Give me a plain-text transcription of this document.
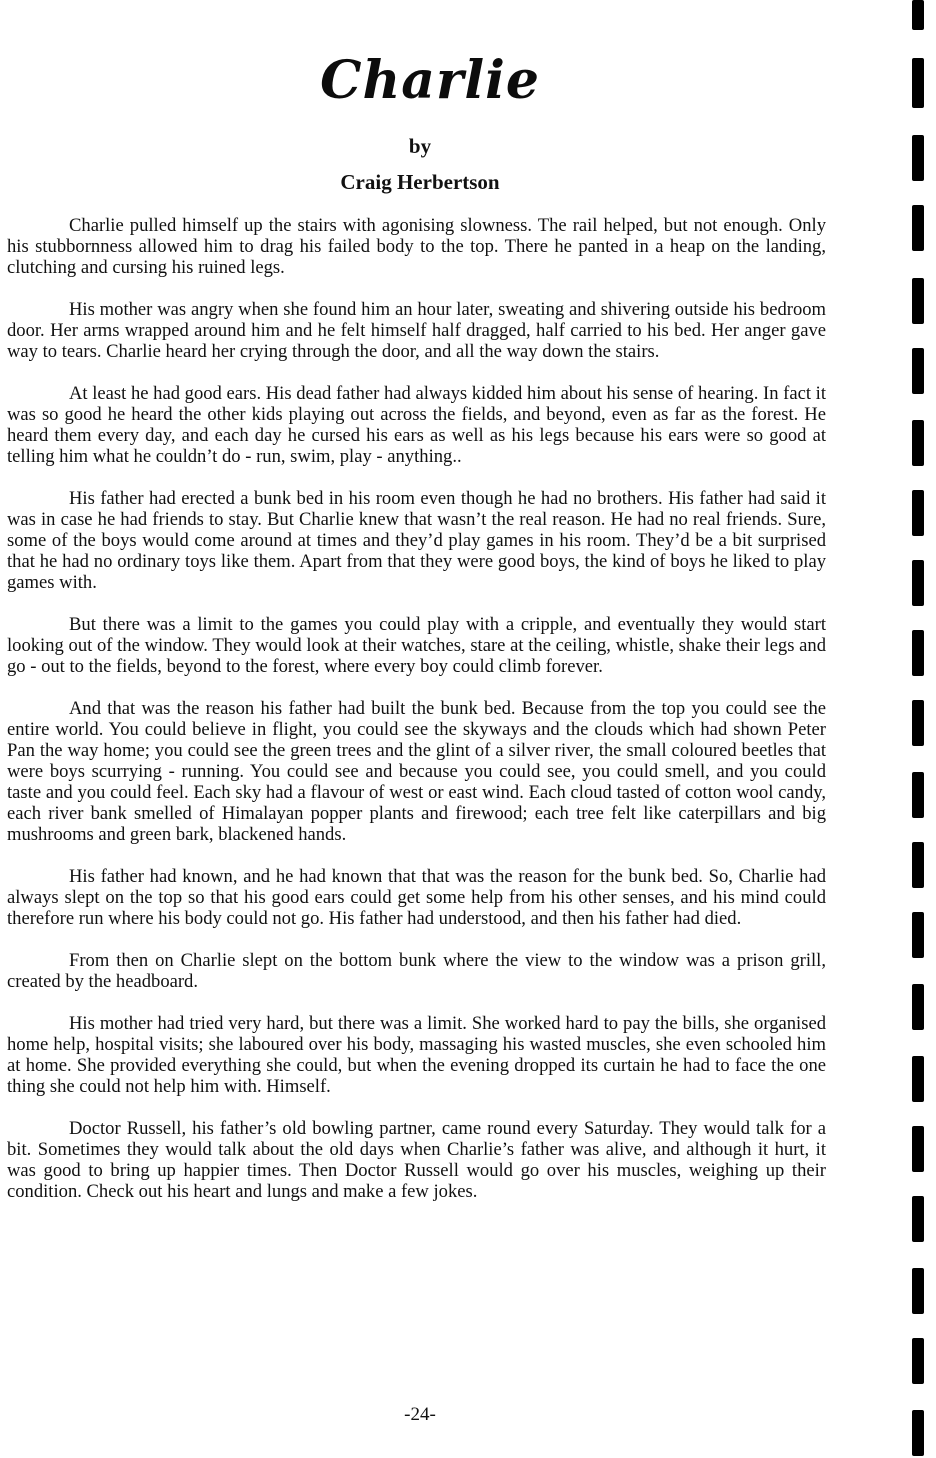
Charlie
by
Craig Herbertson

Charlie pulled himself up the stairs with agonising slowness. The rail helped, but not enough. Only his stubbornness allowed him to drag his failed body to the top. There he panted in a heap on the landing, clutching and cursing his ruined legs.

His mother was angry when she found him an hour later, sweating and shivering outside his bedroom door. Her arms wrapped around him and he felt himself half dragged, half carried to his bed. Her anger gave way to tears. Charlie heard her crying through the door, and all the way down the stairs.

At least he had good ears. His dead father had always kidded him about his sense of hearing. In fact it was so good he heard the other kids playing out across the fields, and beyond, even as far as the forest. He heard them every day, and each day he cursed his ears as well as his legs because his ears were so good at telling him what he couldn’t do - run, swim, play - anything..

His father had erected a bunk bed in his room even though he had no brothers. His father had said it was in case he had friends to stay. But Charlie knew that wasn’t the real reason. He had no real friends. Sure, some of the boys would come around at times and they’d play games in his room. They’d be a bit surprised that he had no ordinary toys like them. Apart from that they were good boys, the kind of boys he liked to play games with.

But there was a limit to the games you could play with a cripple, and eventually they would start looking out of the window. They would look at their watches, stare at the ceiling, whistle, shake their legs and go - out to the fields, beyond to the forest, where every boy could climb forever.

And that was the reason his father had built the bunk bed. Because from the top you could see the entire world. You could believe in flight, you could see the skyways and the clouds which had shown Peter Pan the way home; you could see the green trees and the glint of a silver river, the small coloured beetles that were boys scurrying - running. You could see and because you could see, you could smell, and you could taste and you could feel. Each sky had a flavour of west or east wind. Each cloud tasted of cotton wool candy, each river bank smelled of Himalayan popper plants and firewood; each tree felt like caterpillars and big mushrooms and green bark, blackened hands.

His father had known, and he had known that that was the reason for the bunk bed. So, Charlie had always slept on the top so that his good ears could get some help from his other senses, and his mind could therefore run where his body could not go. His father had understood, and then his father had died.

From then on Charlie slept on the bottom bunk where the view to the window was a prison grill, created by the headboard.

His mother had tried very hard, but there was a limit. She worked hard to pay the bills, she organised home help, hospital visits; she laboured over his body, massaging his wasted muscles, she even schooled him at home. She provided everything she could, but when the evening dropped its curtain he had to face the one thing she could not help him with. Himself.

Doctor Russell, his father’s old bowling partner, came round every Saturday. They would talk for a bit. Sometimes they would talk about the old days when Charlie’s father was alive, and although it hurt, it was good to bring up happier times. Then Doctor Russell would go over his muscles, weighing up their condition. Check out his heart and lungs and make a few jokes.

-24-
